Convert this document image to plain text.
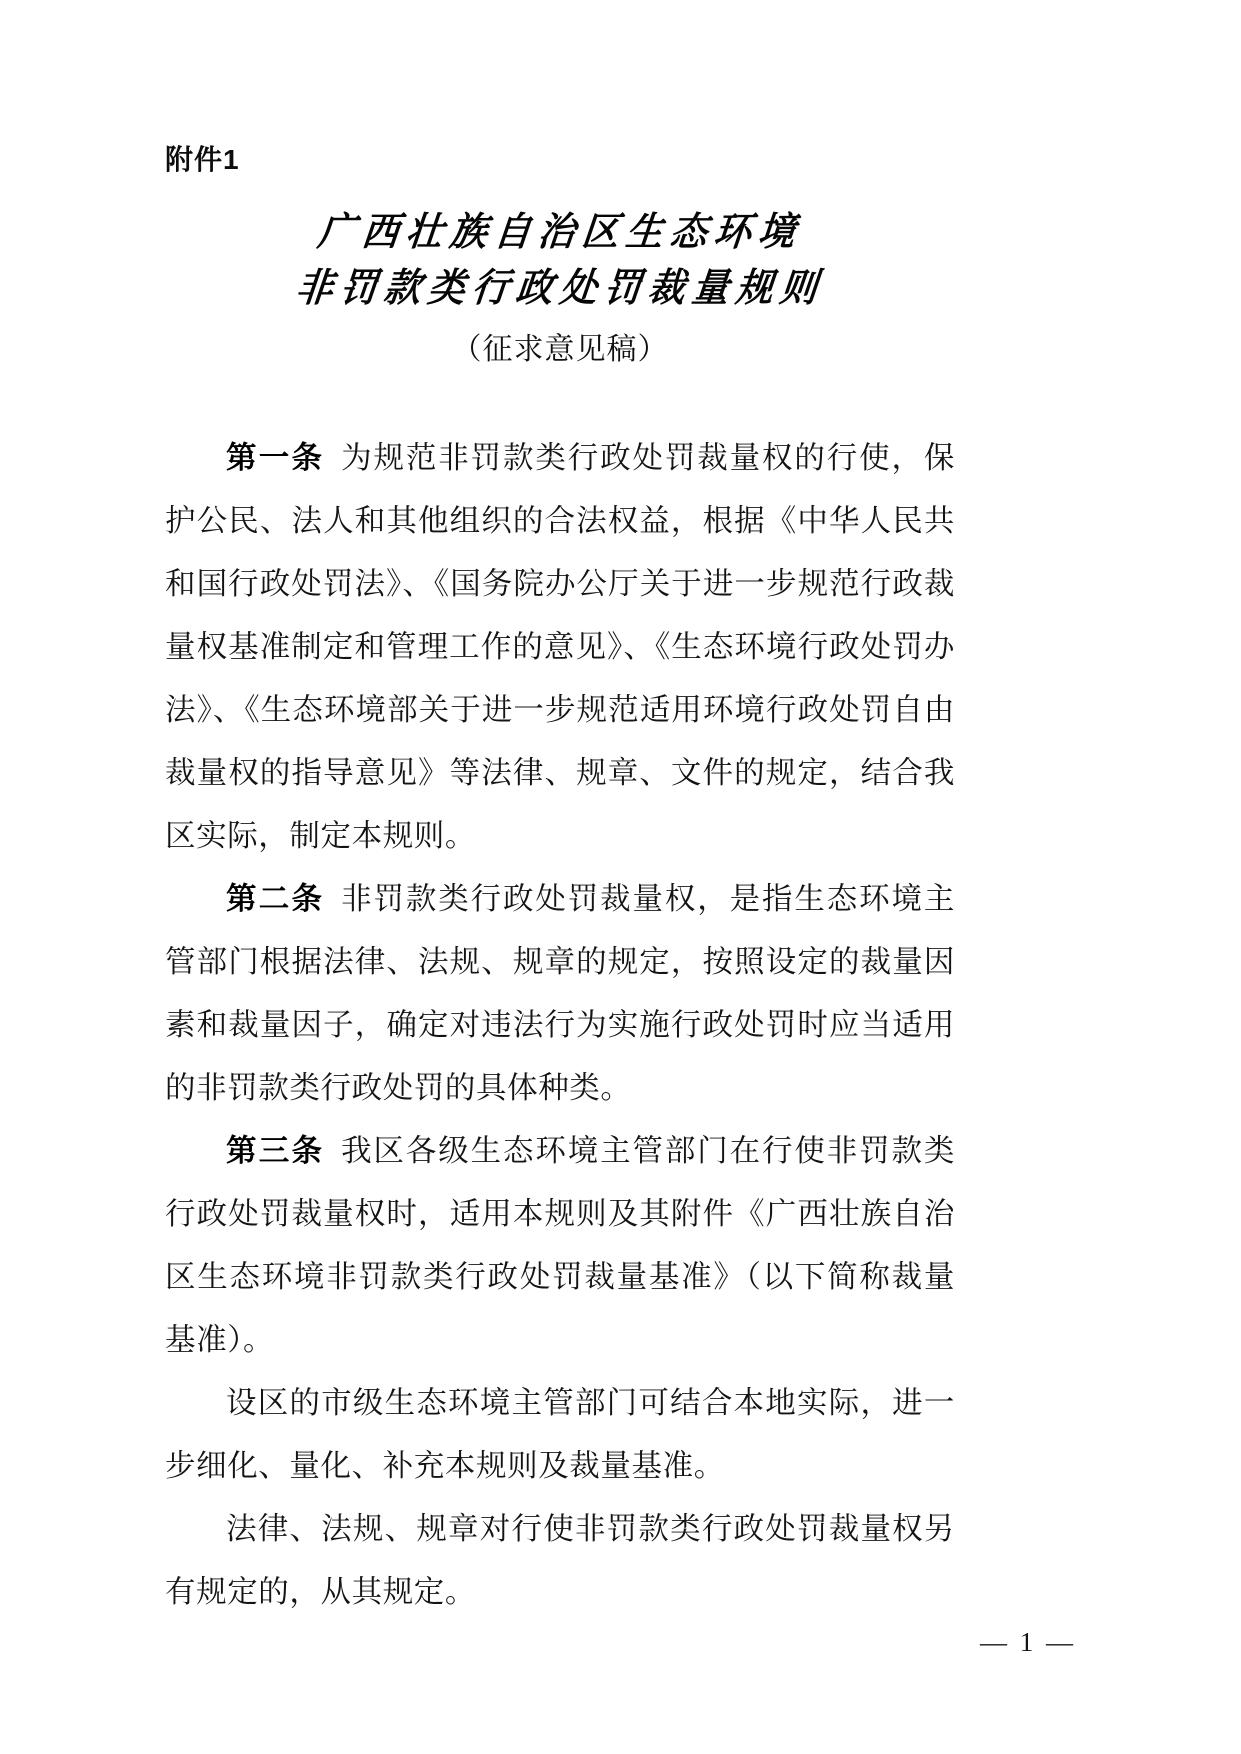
附件1
广西壮族自治区生态环境
非罚款类行政处罚裁量规则
（征求意见稿）

第一条 为规范非罚款类行政处罚裁量权的行使，保护公民、法人和其他组织的合法权益，根据《中华人民共和国行政处罚法》、《国务院办公厅关于进一步规范行政裁量权基准制定和管理工作的意见》、《生态环境行政处罚办法》、《生态环境部关于进一步规范适用环境行政处罚自由裁量权的指导意见》等法律、规章、文件的规定，结合我区实际，制定本规则。

第二条 非罚款类行政处罚裁量权，是指生态环境主管部门根据法律、法规、规章的规定，按照设定的裁量因素和裁量因子，确定对违法行为实施行政处罚时应当适用的非罚款类行政处罚的具体种类。

第三条 我区各级生态环境主管部门在行使非罚款类行政处罚裁量权时，适用本规则及其附件《广西壮族自治区生态环境非罚款类行政处罚裁量基准》（以下简称裁量基准）。

设区的市级生态环境主管部门可结合本地实际，进一步细化、量化、补充本规则及裁量基准。

法律、法规、规章对行使非罚款类行政处罚裁量权另有规定的，从其规定。

— 1 —
